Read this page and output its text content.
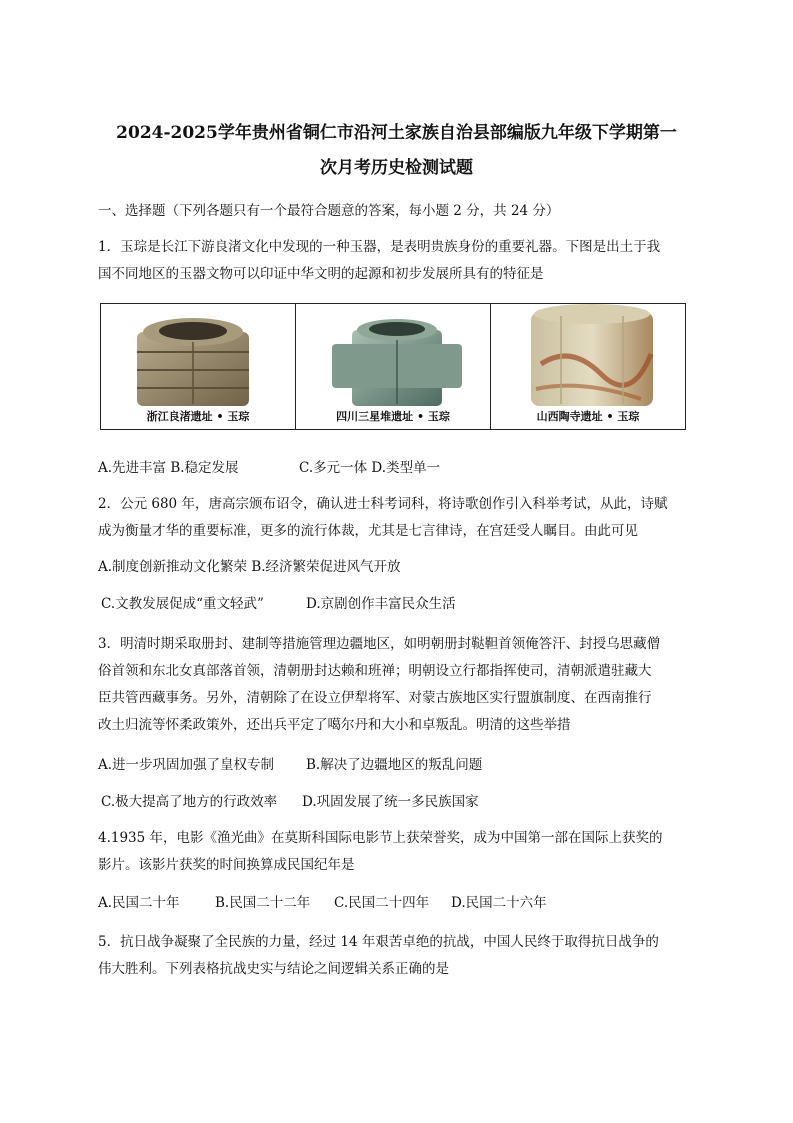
2024-2025学年贵州省铜仁市沿河土家族自治县部编版九年级下学期第一
次月考历史检测试题
一、选择题（下列各题只有一个最符合题意的答案，每小题 2 分，共 24 分）
1．玉琮是长江下游良渚文化中发现的一种玉器，是表明贵族身份的重要礼器。下图是出土于我
国不同地区的玉器文物可以印证中华文明的起源和初步发展所具有的特征是
浙江良渚遗址 • 玉琮	四川三星堆遗址 • 玉琮	山西陶寺遗址 • 玉琮
A.先进丰富 B.稳定发展	C.多元一体 D.类型单一
2．公元 680 年，唐高宗颁布诏令，确认进士科考词科，将诗歌创作引入科举考试，从此，诗赋
成为衡量才华的重要标准，更多的流行体裁，尤其是七言律诗，在宫廷受人瞩目。由此可见
A.制度创新推动文化繁荣 B.经济繁荣促进风气开放
C.文教发展促成“重文轻武”	D.京剧创作丰富民众生活
3．明清时期采取册封、建制等措施管理边疆地区，如明朝册封鞑靼首领俺答汗、封授乌思藏僧
俗首领和东北女真部落首领，清朝册封达赖和班禅；明朝设立行都指挥使司，清朝派遣驻藏大
臣共管西藏事务。另外，清朝除了在设立伊犁将军、对蒙古族地区实行盟旗制度、在西南推行
改土归流等怀柔政策外，还出兵平定了噶尔丹和大小和卓叛乱。明清的这些举措
A.进一步巩固加强了皇权专制 B.解决了边疆地区的叛乱问题
C.极大提高了地方的行政效率 D.巩固发展了统一多民族国家
4.1935 年，电影《渔光曲》在莫斯科国际电影节上获荣誉奖，成为中国第一部在国际上获奖的
影片。该影片获奖的时间换算成民国纪年是
A.民国二十年	B.民国二十二年 C.民国二十四年 D.民国二十六年
5．抗日战争凝聚了全民族的力量，经过 14 年艰苦卓绝的抗战，中国人民终于取得抗日战争的
伟大胜利。下列表格抗战史实与结论之间逻辑关系正确的是
